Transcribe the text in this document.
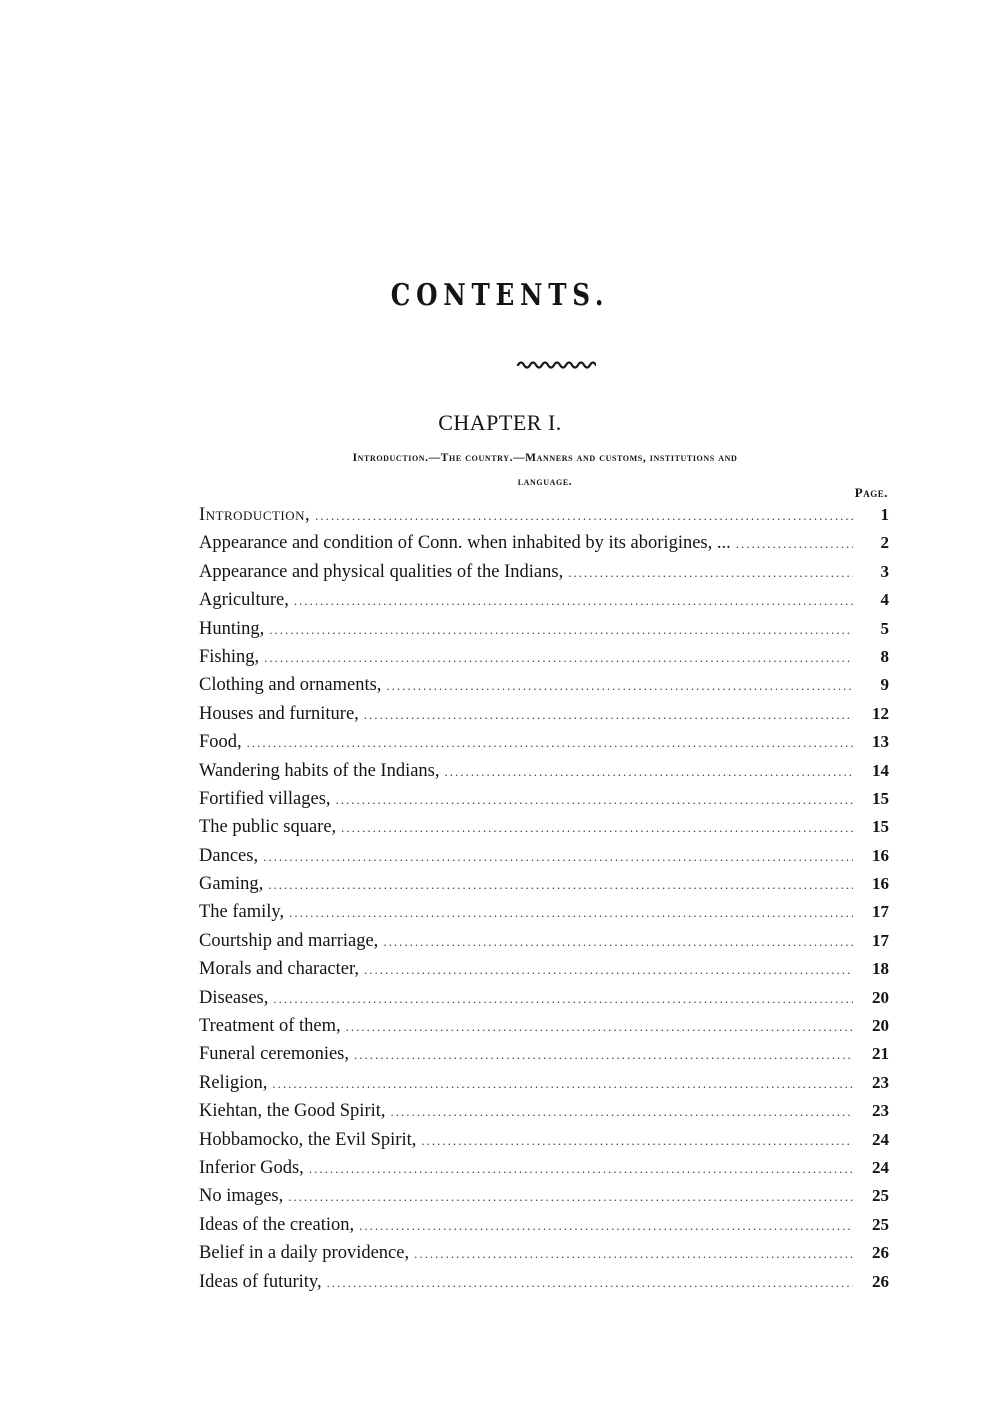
CONTENTS.
CHAPTER I.
Introduction.—The country.—Manners and customs, institutions and
language.
Page.
Introduction, .....	1
Appearance and condition of Conn. when inhabited by its aborigines, ... .....	2
Appearance and physical qualities of the Indians, .....	3
Agriculture, .....	4
Hunting, .....	5
Fishing, .....	8
Clothing and ornaments, .....	9
Houses and furniture, .....	12
Food, .....	13
Wandering habits of the Indians, .....	14
Fortified villages, .....	15
The public square, .....	15
Dances, .....	16
Gaming, .....	16
The family, .....	17
Courtship and marriage, .....	17
Morals and character, .....	18
Diseases, .....	20
Treatment of them, .....	20
Funeral ceremonies, .....	21
Religion, .....	23
Kiehtan, the Good Spirit, .....	23
Hobbamocko, the Evil Spirit, .....	24
Inferior Gods, .....	24
No images, .....	25
Ideas of the creation, .....	25
Belief in a daily providence, .....	26
Ideas of futurity, .....	26
